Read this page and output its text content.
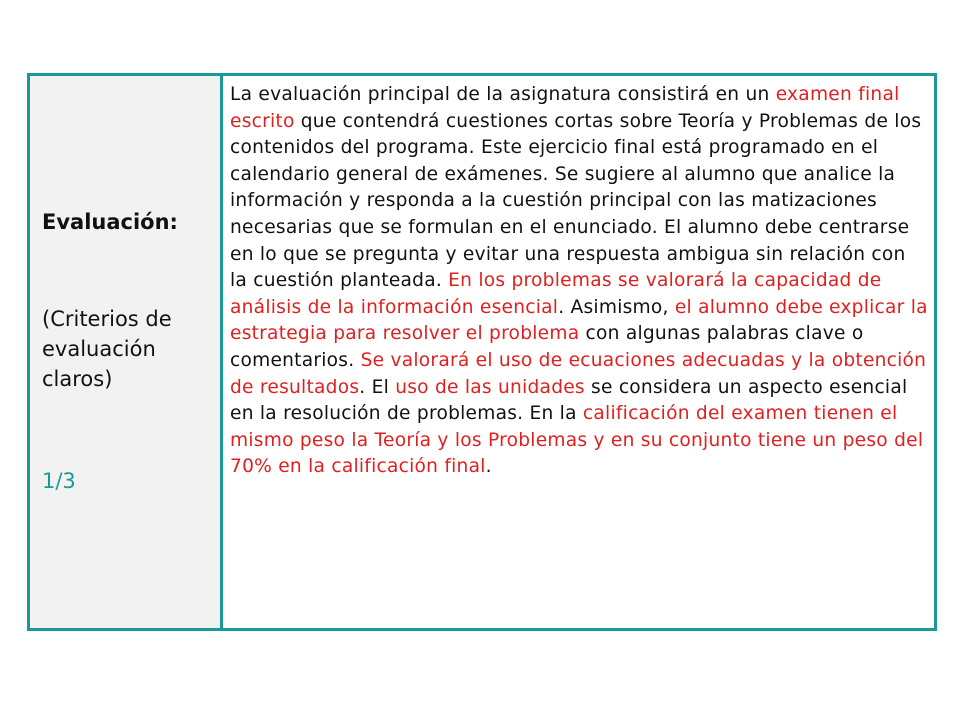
Evaluación:

(Criterios de evaluación claros)

1/3

La evaluación principal de la asignatura consistirá en un examen final escrito que contendrá cuestiones cortas sobre Teoría y Problemas de los contenidos del programa. Este ejercicio final está programado en el calendario general de exámenes. Se sugiere al alumno que analice la información y responda a la cuestión principal con las matizaciones necesarias que se formulan en el enunciado. El alumno debe centrarse en lo que se pregunta y evitar una respuesta ambigua sin relación con la cuestión planteada. En los problemas se valorará la capacidad de análisis de la información esencial. Asimismo, el alumno debe explicar la estrategia para resolver el problema con algunas palabras clave o comentarios. Se valorará el uso de ecuaciones adecuadas y la obtención de resultados. El uso de las unidades se considera un aspecto esencial en la resolución de problemas. En la calificación del examen tienen el mismo peso la Teoría y los Problemas y en su conjunto tiene un peso del 70% en la calificación final.
